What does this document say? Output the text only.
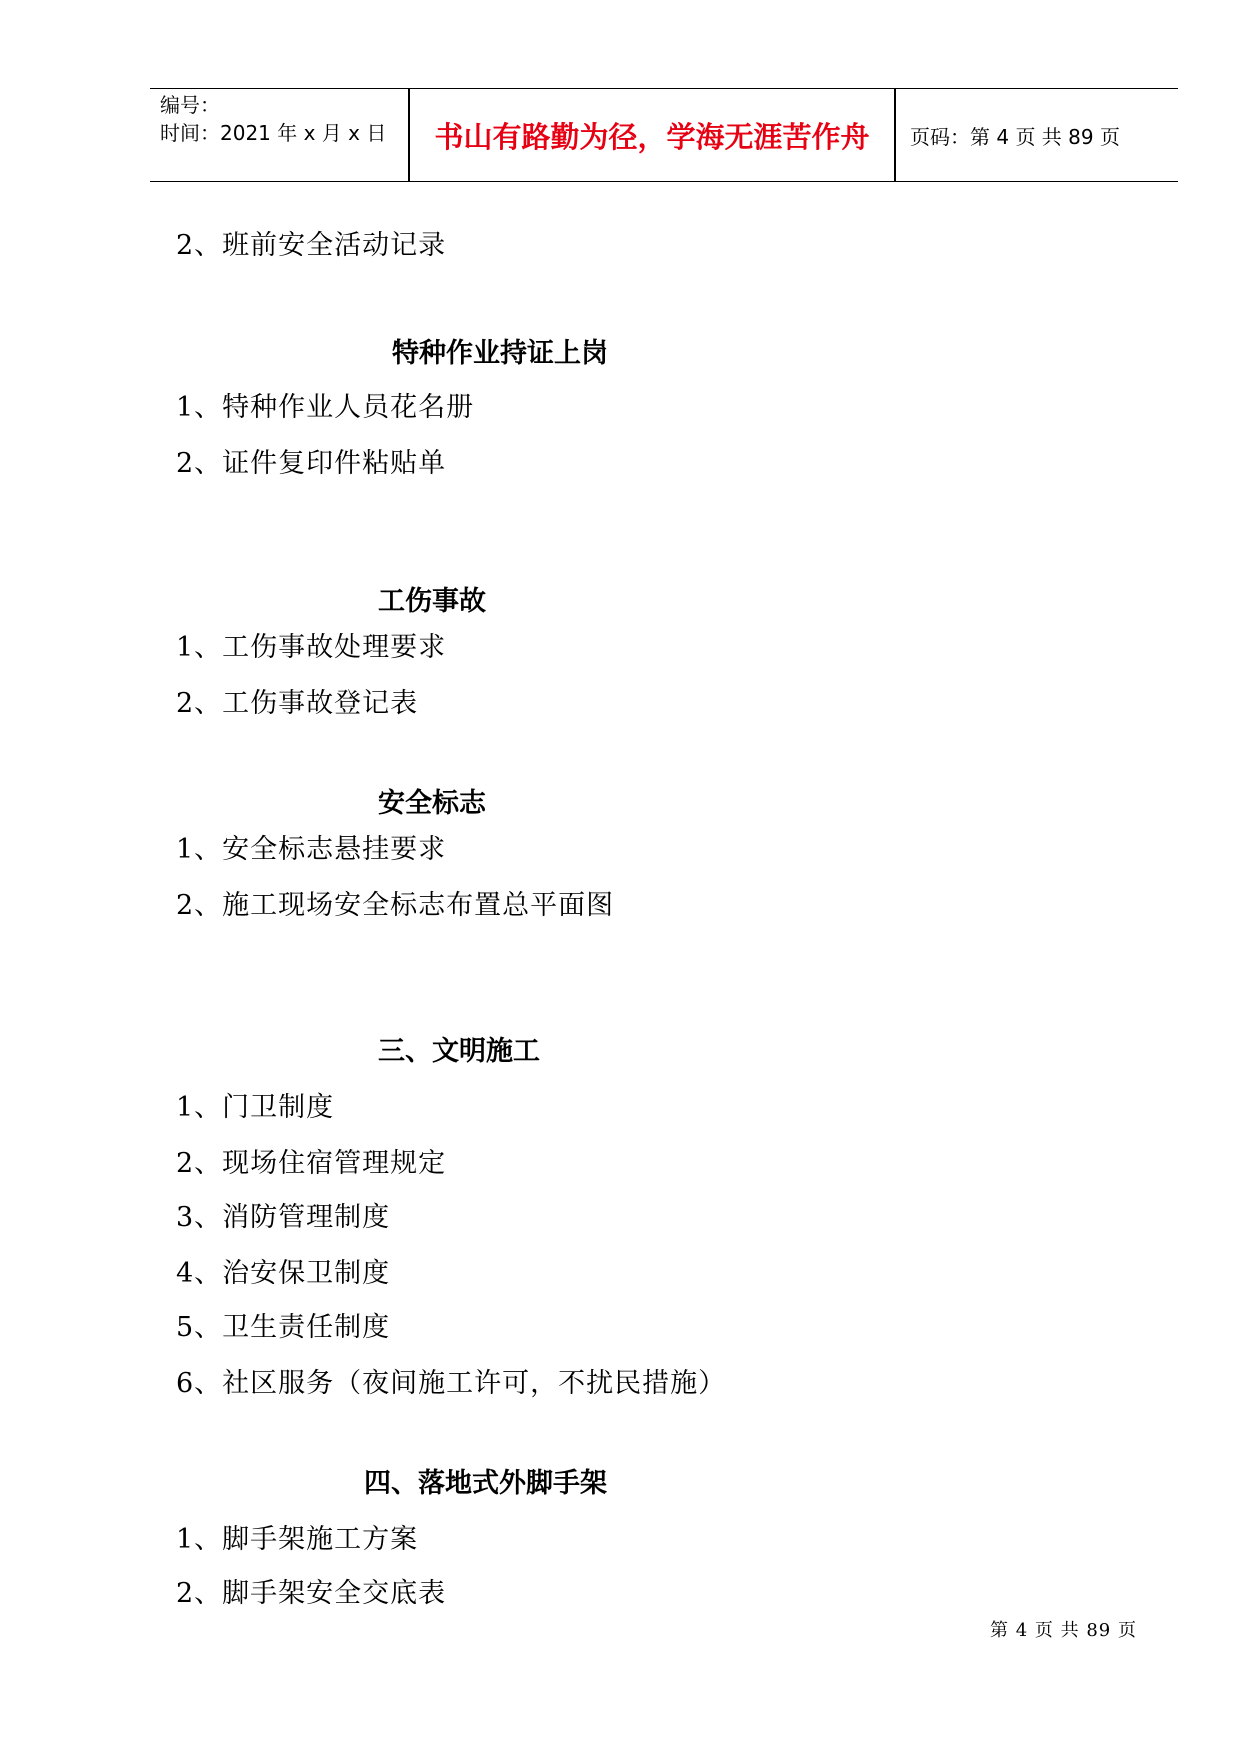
编号：
时间：2021 年 x 月 x 日	书山有路勤为径，学海无涯苦作舟	页码：第 4 页 共 89 页
2、班前安全活动记录
特种作业持证上岗
1、特种作业人员花名册
2、证件复印件粘贴单
工伤事故
1、工伤事故处理要求
2、工伤事故登记表
安全标志
1、安全标志悬挂要求
2、施工现场安全标志布置总平面图
三、文明施工
1、门卫制度
2、现场住宿管理规定
3、消防管理制度
4、治安保卫制度
5、卫生责任制度
6、社区服务（夜间施工许可，不扰民措施）
四、落地式外脚手架
1、脚手架施工方案
2、脚手架安全交底表
第 4 页 共 89 页
